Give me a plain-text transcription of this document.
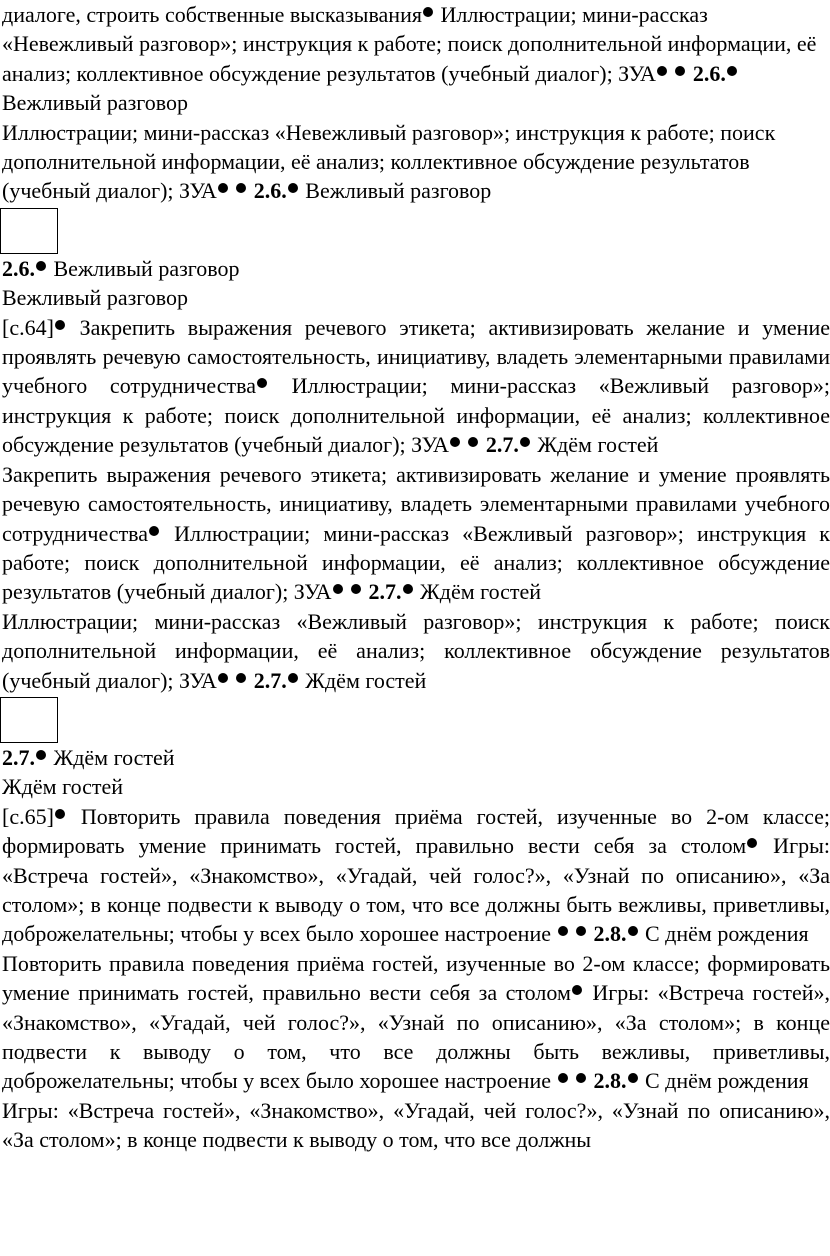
диалоге, строить собственные высказывания Иллюстрации; мини-рассказ «Невежливый разговор»; инструкция к работе; поиск дополнительной информации, её анализ; коллективное обсуждение результатов (учебный диалог); ЗУА 2.6. Вежливый разговор

Иллюстрации; мини-рассказ «Невежливый разговор»; инструкция к работе; поиск дополнительной информации, её анализ; коллективное обсуждение результатов (учебный диалог); ЗУА 2.6. Вежливый разговор

2.6. Вежливый разговор

Вежливый разговор

[с.64] Закрепить выражения речевого этикета; активизировать желание и умение проявлять речевую самостоятельность, инициативу, владеть элементарными правилами учебного сотрудничества Иллюстрации; мини-рассказ «Вежливый разговор»; инструкция к работе; поиск дополнительной информации, её анализ; коллективное обсуждение результатов (учебный диалог); ЗУА 2.7. Ждём гостей

Закрепить выражения речевого этикета; активизировать желание и умение проявлять речевую самостоятельность, инициативу, владеть элементарными правилами учебного сотрудничества Иллюстрации; мини-рассказ «Вежливый разговор»; инструкция к работе; поиск дополнительной информации, её анализ; коллективное обсуждение результатов (учебный диалог); ЗУА 2.7. Ждём гостей

Иллюстрации; мини-рассказ «Вежливый разговор»; инструкция к работе; поиск дополнительной информации, её анализ; коллективное обсуждение результатов (учебный диалог); ЗУА 2.7. Ждём гостей

2.7. Ждём гостей

Ждём гостей

[с.65] Повторить правила поведения приёма гостей, изученные во 2-ом классе; формировать умение принимать гостей, правильно вести себя за столом Игры: «Встреча гостей», «Знакомство», «Угадай, чей голос?», «Узнай по описанию», «За столом»; в конце подвести к выводу о том, что все должны быть вежливы, приветливы, доброжелательны; чтобы у всех было хорошее настроение   2.8. С днём рождения

Повторить правила поведения приёма гостей, изученные во 2-ом классе; формировать умение принимать гостей, правильно вести себя за столом Игры: «Встреча гостей», «Знакомство», «Угадай, чей голос?», «Узнай по описанию», «За столом»; в конце подвести к выводу о том, что все должны быть вежливы, приветливы, доброжелательны; чтобы у всех было хорошее настроение   2.8. С днём рождения

Игры: «Встреча гостей», «Знакомство», «Угадай, чей голос?», «Узнай по описанию», «За столом»; в конце подвести к выводу о том, что все должны
